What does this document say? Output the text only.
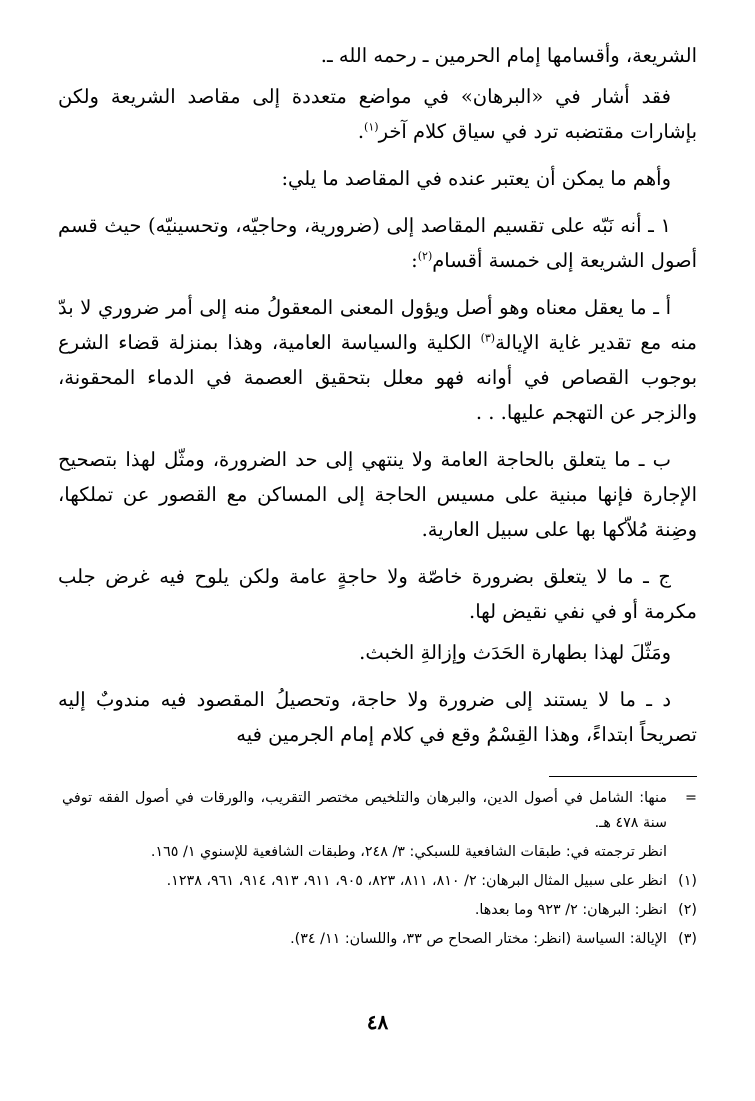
الشريعة، وأقسامها إمام الحرمين ـ رحمه الله ـ.

فقد أشار في «البرهان» في مواضع متعددة إلى مقاصد الشريعة ولكن بإشارات مقتضبه ترد في سياق كلام آخر$^{(١)}$.

وأهم ما يمكن أن يعتبر عنده في المقاصد ما يلي:

١ ـ أنه نَبّه على تقسيم المقاصد إلى (ضرورية، وحاجيّه، وتحسينيّه) حيث قسم أصول الشريعة إلى خمسة أقسام$^{(٢)}$:

أ ـ ما يعقل معناه وهو أصل ويؤول المعنى المعقولُ منه إلى أمر ضروري لا بدّ منه مع تقدير غاية الإيالة$^{(٣)}$ الكلية والسياسة العامية، وهذا بمنزلة قضاء الشرع بوجوب القصاص في أوانه فهو معلل بتحقيق العصمة في الدماء المحقونة، والزجر عن التهجم عليها. . .

ب ـ ما يتعلق بالحاجة العامة ولا ينتهي إلى حد الضرورة، ومثّل لهذا بتصحيح الإجارة فإنها مبنية على مسيس الحاجة إلى المساكن مع القصور عن تملكها، وضِنة مُلاّكها بها على سبيل العارية.

ج ـ ما لا يتعلق بضرورة خاصّة ولا حاجةٍ عامة ولكن يلوح فيه غرض جلب مكرمة أو في نفي نقيض لها.

ومَثّلَ لهذا بطهارة الحَدَث وإزالةِ الخبث.

د ـ ما لا يستند إلى ضرورة ولا حاجة، وتحصيلُ المقصود فيه مندوبٌ إليه تصريحاً ابتداءً، وهذا القِسْمُ وقع في كلام إمام الجرمين فيه

=
منها: الشامل في أصول الدين، والبرهان والتلخيص مختصر التقريب، والورقات في أصول الفقه توفي سنة ٤٧٨ هـ.
انظر ترجمته في: طبقات الشافعية للسبكي: ٣/ ٢٤٨، وطبقات الشافعية للإسنوي ١/ ١٦٥.
(١)
انظر على سبيل المثال البرهان: ٢/ ٨١٠، ٨١١، ٨٢٣، ٩٠٥، ٩١١، ٩١٣، ٩١٤، ٩٦١، ١٢٣٨.
(٢)
انظر: البرهان: ٢/ ٩٢٣ وما بعدها.
(٣)
الإيالة: السياسة (انظر: مختار الصحاح ص ٣٣، واللسان: ١١/ ٣٤).
٤٨
